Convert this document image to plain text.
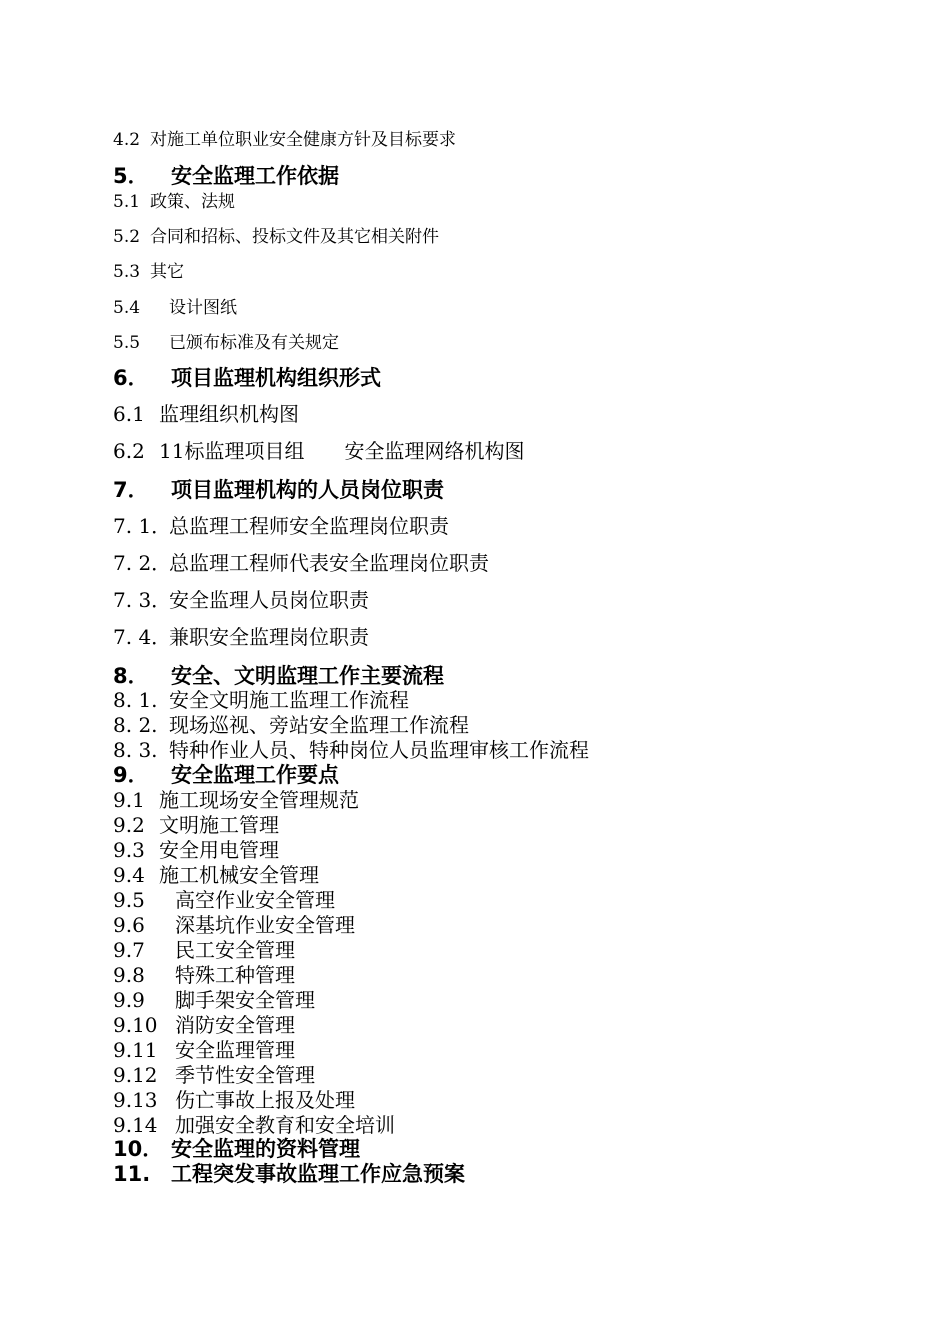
4.2 对施工单位职业安全健康方针及目标要求
5． 安全监理工作依据
5.1 政策、法规
5.2 合同和招标、投标文件及其它相关附件
5.3 其它
5.4 设计图纸
5.5 已颁布标准及有关规定
6． 项目监理机构组织形式
6.1 监理组织机构图
6.2 11标监理项目组　　安全监理网络机构图
7． 项目监理机构的人员岗位职责
7. 1．总监理工程师安全监理岗位职责
7. 2．总监理工程师代表安全监理岗位职责
7. 3．安全监理人员岗位职责
7. 4．兼职安全监理岗位职责
8． 安全、文明监理工作主要流程
8. 1. 安全文明施工监理工作流程
8. 2. 现场巡视、旁站安全监理工作流程
8. 3. 特种作业人员、特种岗位人员监理审核工作流程
9． 安全监理工作要点
9.1 施工现场安全管理规范
9.2 文明施工管理
9.3 安全用电管理
9.4 施工机械安全管理
9.5 高空作业安全管理
9.6 深基坑作业安全管理
9.7 民工安全管理
9.8 特殊工种管理
9.9 脚手架安全管理
9.10 消防安全管理
9.11 安全监理管理
9.12 季节性安全管理
9.13 伤亡事故上报及处理
9.14 加强安全教育和安全培训
10． 安全监理的资料管理
11. 工程突发事故监理工作应急预案
